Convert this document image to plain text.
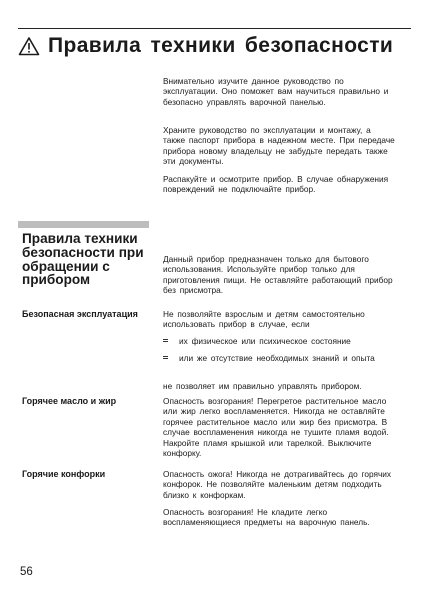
Правила техники безопасности

Внимательно изучите данное руководство по эксплуатации. Оно поможет вам научиться правильно и безопасно управлять варочной панелью.

Храните руководство по эксплуатации и монтажу, а также паспорт прибора в надежном месте. При передаче прибора новому владельцу не забудьте передать также эти документы.

Распакуйте и осмотрите прибор. В случае обнаружения повреждений не подключайте прибор.

Правила техники безопасности при обращении с прибором

Данный прибор предназначен только для бытового использования. Используйте прибор только для приготовления пищи. Не оставляйте работающий прибор без присмотра.

Безопасная эксплуатация	Не позволяйте взрослым и детям самостоятельно использовать прибор в случае, если

их физическое или психическое состояние
или же отсутствие необходимых знаний и опыта

не позволяет им правильно управлять прибором.

Горячее масло и жир	Опасность возгорания! Перегретое растительное масло или жир легко воспламеняется. Никогда не оставляйте горячее растительное масло или жир без присмотра. В случае воспламенения никогда не тушите пламя водой. Накройте пламя крышкой или тарелкой. Выключите конфорку.

Горячие конфорки	Опасность ожога! Никогда не дотрагивайтесь до горячих конфорок. Не позволяйте маленьким детям подходить близко к конфоркам.

Опасность возгорания! Не кладите легко воспламеняющиеся предметы на варочную панель.

56
